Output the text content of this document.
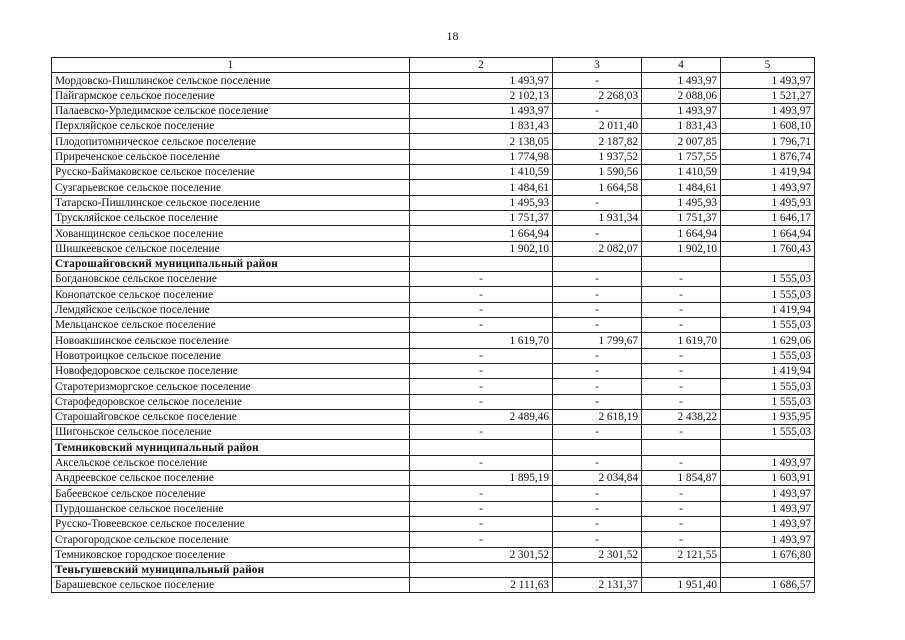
18
1	2	3	4	5
Мордовско-Пишлинское сельское поселение	1 493,97	-	1 493,97	1 493,97
Пайгармское сельское поселение	2 102,13	2 268,03	2 088,06	1 521,27
Палаевско-Урледимское сельское поселение	1 493,97	-	1 493,97	1 493,97
Перхляйское сельское поселение	1 831,43	2 011,40	1 831,43	1 608,10
Плодопитомническое сельское поселение	2 138,05	2 187,82	2 007,85	1 796,71
Приреченское сельское поселение	1 774,98	1 937,52	1 757,55	1 876,74
Русско-Баймаковское сельское поселение	1 410,59	1 590,56	1 410,59	1 419,94
Сузгарьевское сельское поселение	1 484,61	1 664,58	1 484,61	1 493,97
Татарско-Пишлинское сельское поселение	1 495,93	-	1 495,93	1 495,93
Трускляйское сельское поселение	1 751,37	1 931,34	1 751,37	1 646,17
Хованщинское сельское поселение	1 664,94	-	1 664,94	1 664,94
Шишкеевское сельское поселение	1 902,10	2 082,07	1 902,10	1 760,43
Старошайговский муниципальный район				
Богдановское сельское поселение	-	-	-	1 555,03
Конопатское сельское поселение	-	-	-	1 555,03
Лемдяйское сельское поселение	-	-	-	1 419,94
Мельцанское сельское поселение	-	-	-	1 555,03
Новоакшинское сельское поселение	1 619,70	1 799,67	1 619,70	1 629,06
Новотроицкое сельское поселение	-	-	-	1 555,03
Новофедоровское сельское поселение	-	-	-	1 419,94
Старотеризморгское сельское поселение	-	-	-	1 555,03
Старофедоровское сельское поселение	-	-	-	1 555,03
Старошайговское сельское поселение	2 489,46	2 618,19	2 438,22	1 935,95
Шигоньское сельское поселение	-	-	-	1 555,03
Темниковский муниципальный район				
Аксельское сельское поселение	-	-	-	1 493,97
Андреевское сельское поселение	1 895,19	2 034,84	1 854,87	1 603,91
Бабеевское сельское поселение	-	-	-	1 493,97
Пурдошанское сельское поселение	-	-	-	1 493,97
Русско-Тювеевское сельское поселение	-	-	-	1 493,97
Старогородское сельское поселение	-	-	-	1 493,97
Темниковское городское поселение	2 301,52	2 301,52	2 121,55	1 676,80
Теньгушевский муниципальный район				
Барашевское сельское поселение	2 111,63	2 131,37	1 951,40	1 686,57
